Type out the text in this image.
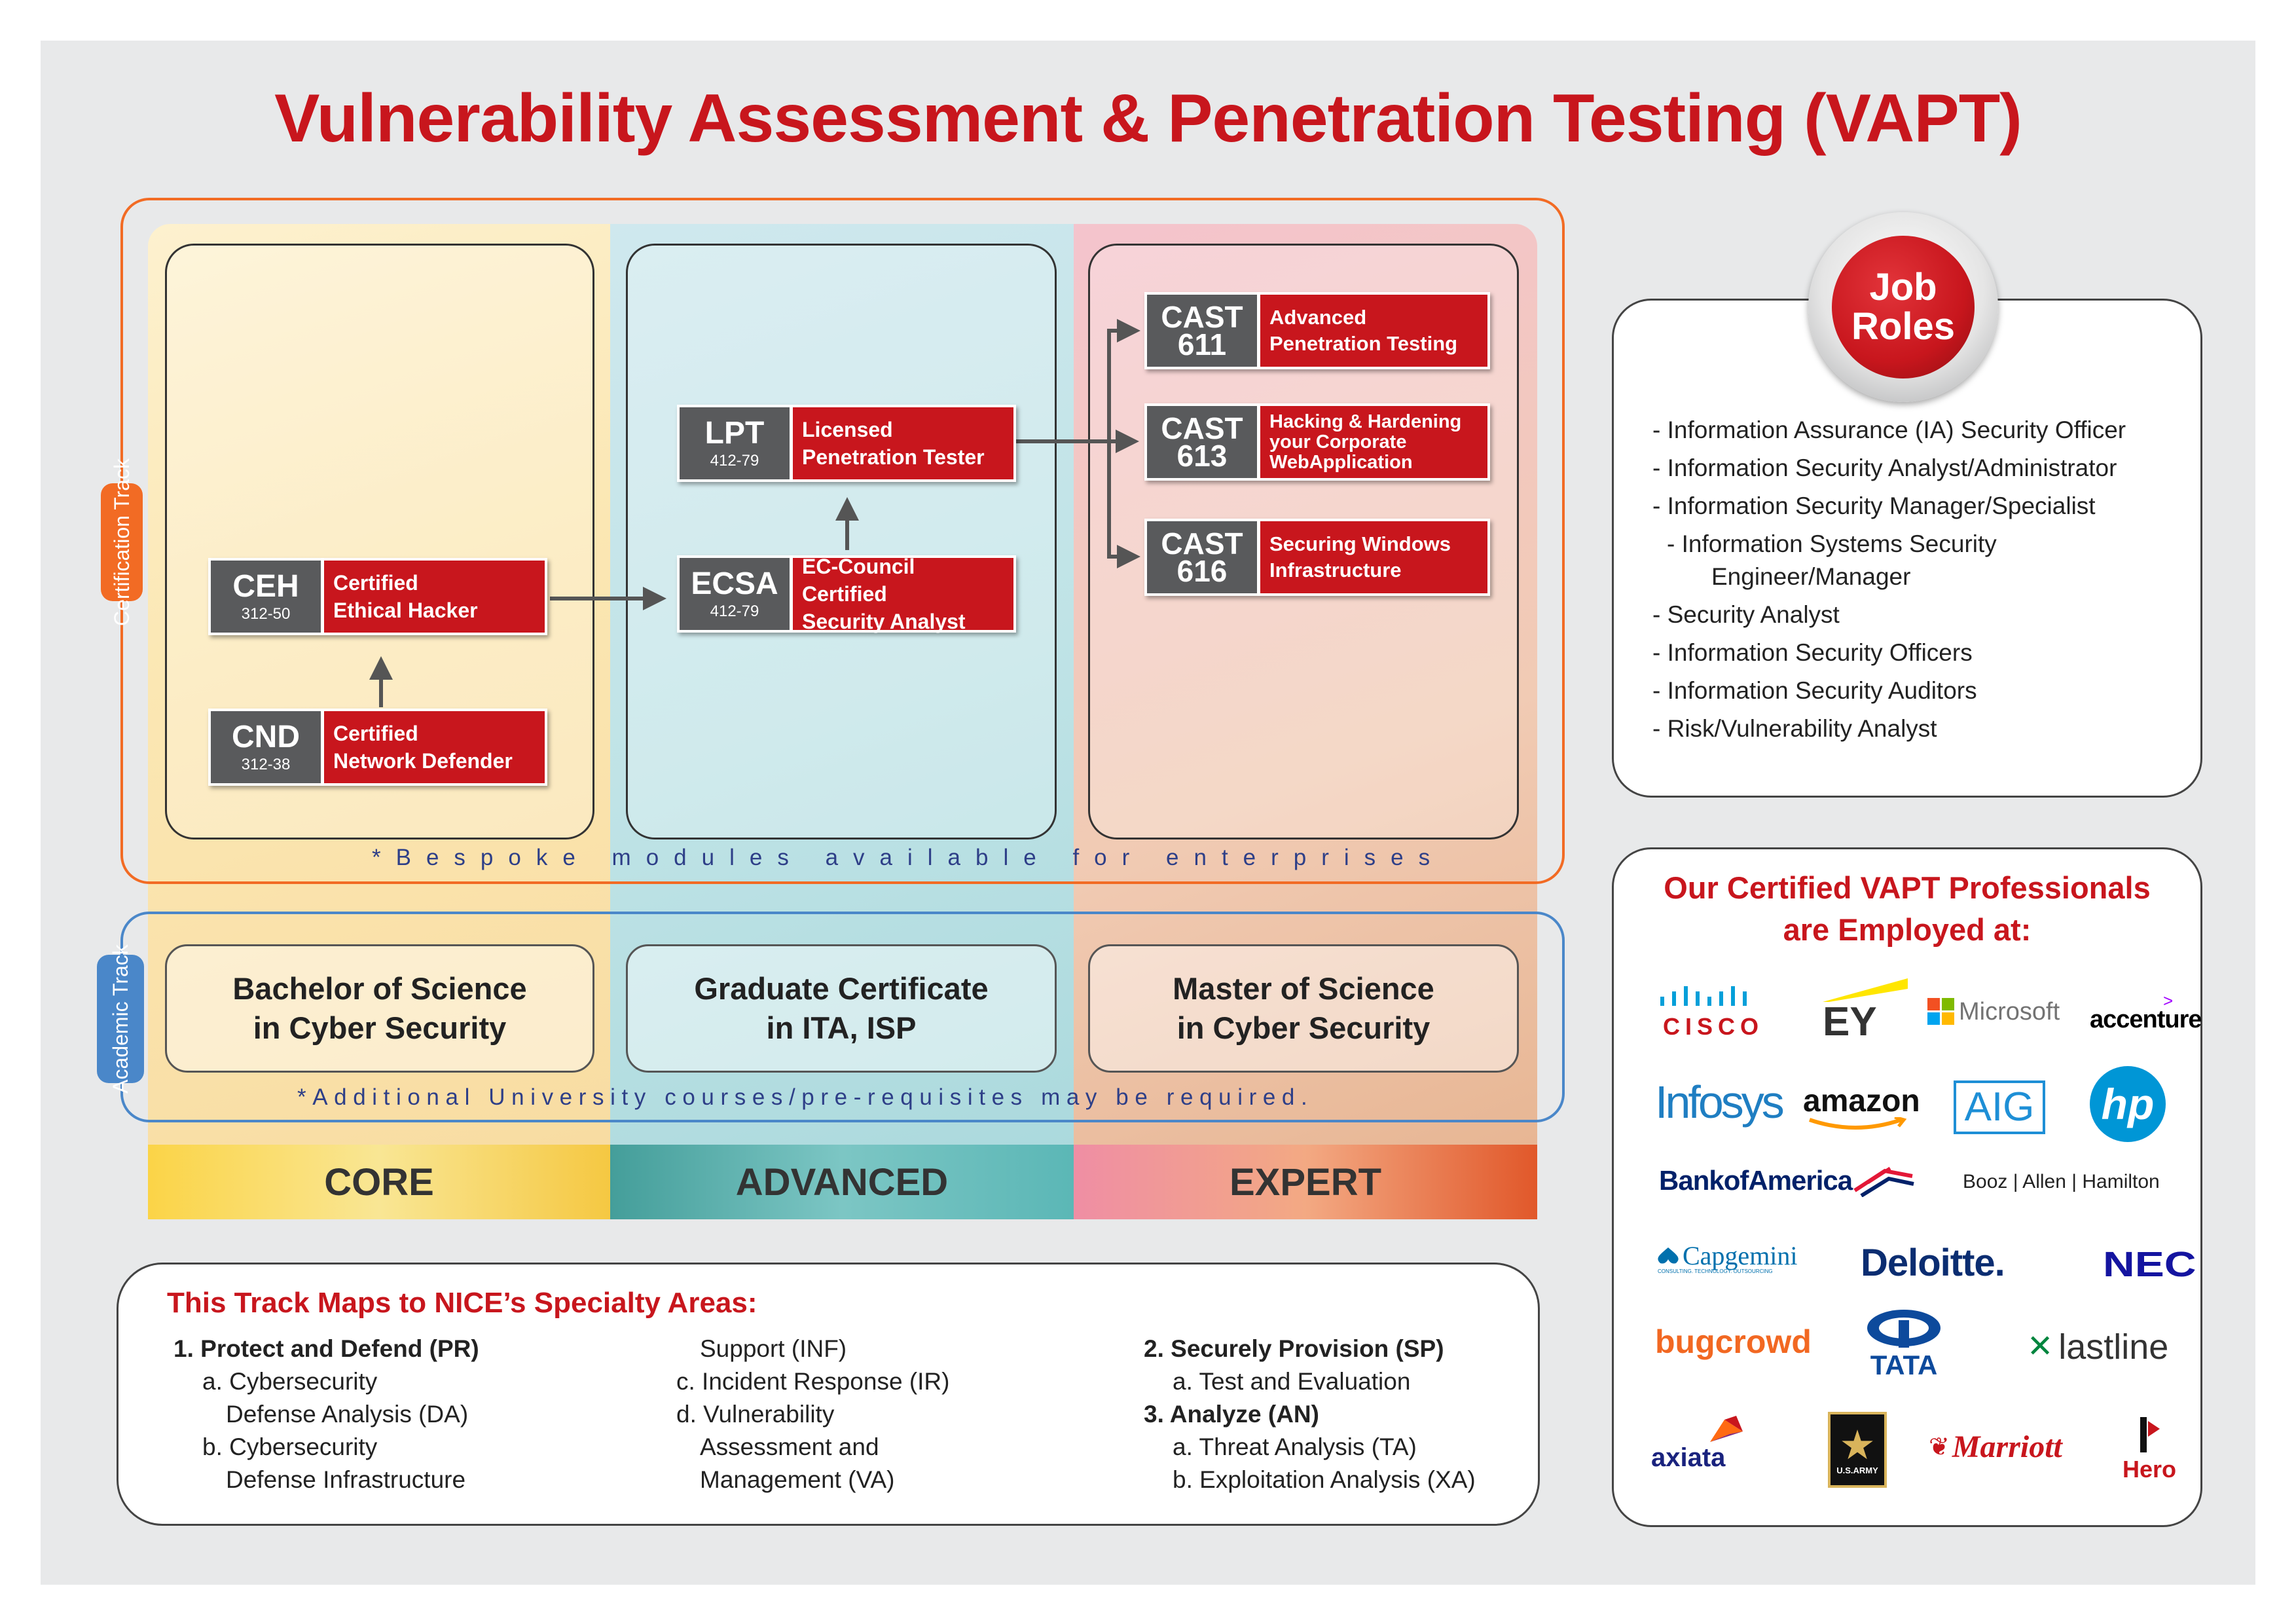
Vulnerability Assessment & Penetration Testing (VAPT)
Certification Track
Academic Track
CEH
312-50
Certified
Ethical Hacker
CND
312-38
Certified
Network Defender
ECSA
412-79
EC-Council Certified
Security Analyst
LPT
412-79
Licensed
Penetration Tester
CAST
611
Advanced
Penetration Testing
CAST
613
Hacking & Hardening
your Corporate
WebApplication
CAST
616
Securing Windows
Infrastructure
*Bespoke modules available for enterprises
*Additional University courses/pre-requisites may be required.
Bachelor of Science
in Cyber Security
Graduate Certificate
in ITA, ISP
Master of Science
in Cyber Security
CORE	ADVANCED	EXPERT
This Track Maps to NICE’s Specialty Areas:
1. Protect and Defend (PR)
a. Cybersecurity
Defense Analysis (DA)
b. Cybersecurity
Defense Infrastructure
Support (INF)
c. Incident Response (IR)
d. Vulnerability
Assessment and
Management (VA)
2. Securely Provision (SP)
a. Test and Evaluation
3. Analyze (AN)
a. Threat Analysis (TA)
b. Exploitation Analysis (XA)
Job
Roles
- Information Assurance (IA) Security Officer
- Information Security Analyst/Administrator
- Information Security Manager/Specialist
- Information Systems Security Engineer/Manager
- Security Analyst
- Information Security Officers
- Information Security Auditors
- Risk/Vulnerability Analyst
Our Certified VAPT Professionals
are Employed at:
CISCO EY	Microsoft	>
accenture
Infosys amazon AIG hp
BankofAmerica	Booz | Allen | Hamilton
Capgemini
CONSULTING. TECHNOLOGY. OUTSOURCING	Deloitte.	NEC
bugcrowd
TATA
✕ lastline
axiata	★
U.S.ARMY
❦ Marriott
Hero
